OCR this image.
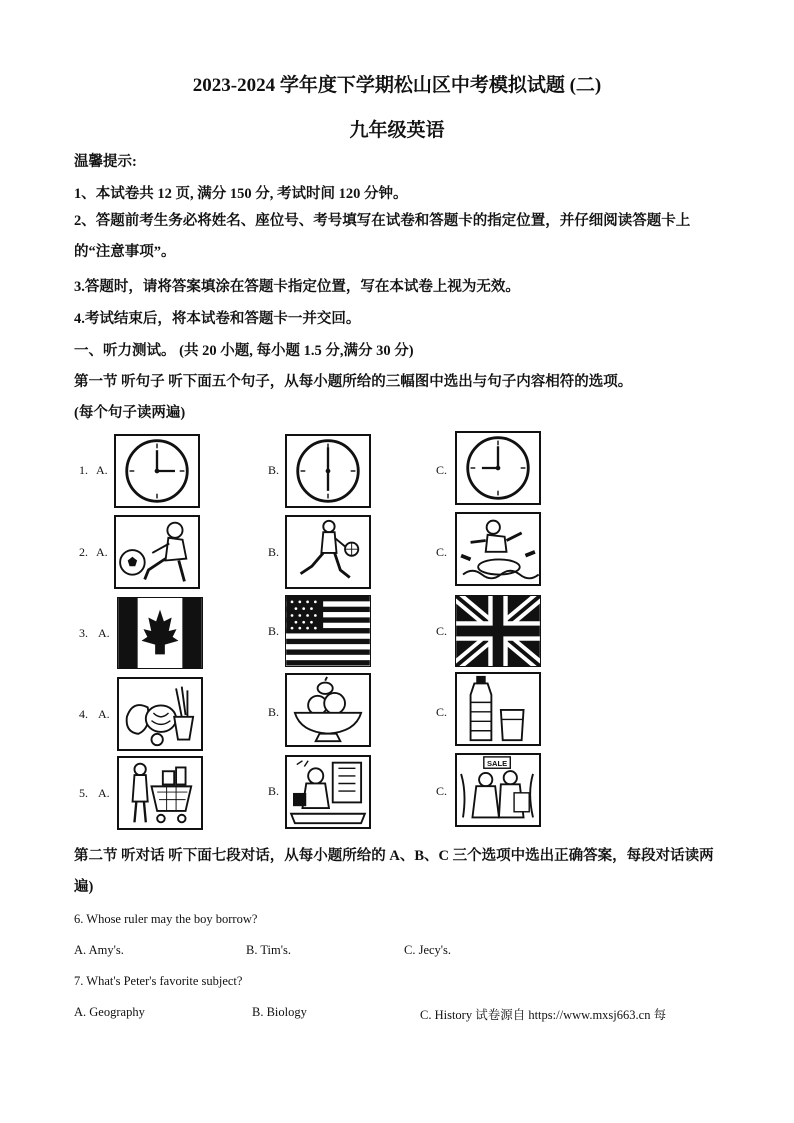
2023-2024 学年度下学期松山区中考模拟试题 (二)
九年级英语
温馨提示:
1、本试卷共 12 页, 满分 150 分, 考试时间 120 分钟。
2、答题前考生务必将姓名、座位号、考号填写在试卷和答题卡的指定位置，并仔细阅读答题卡上的“注意事项”。
3.答题时，请将答案填涂在答题卡指定位置，写在本试卷上视为无效。
4.考试结束后，将本试卷和答题卡一并交回。
一、听力测试。 (共 20 小题, 每小题 1.5 分,满分 30 分)
第一节 听句子 听下面五个句子，从每小题所给的三幅图中选出与句子内容相符的选项。
(每个句子读两遍)
1. A.	B.	C.
2. A.	B.	C.
3. A.	B.	C.
4. A.	B.	C.
5. A.	B.	C.
SALE
第二节 听对话 听下面七段对话，从每小题所给的 A、B、C 三个选项中选出正确答案，每段对话读两遍)
6. Whose ruler may the boy borrow?
A. Amy's.	B. Tim's.	C. Jecy's.
7. What's Peter's favorite subject?
A. Geography	B. Biology	C. History 试卷源自 https://www.mxsj663.cn 每
